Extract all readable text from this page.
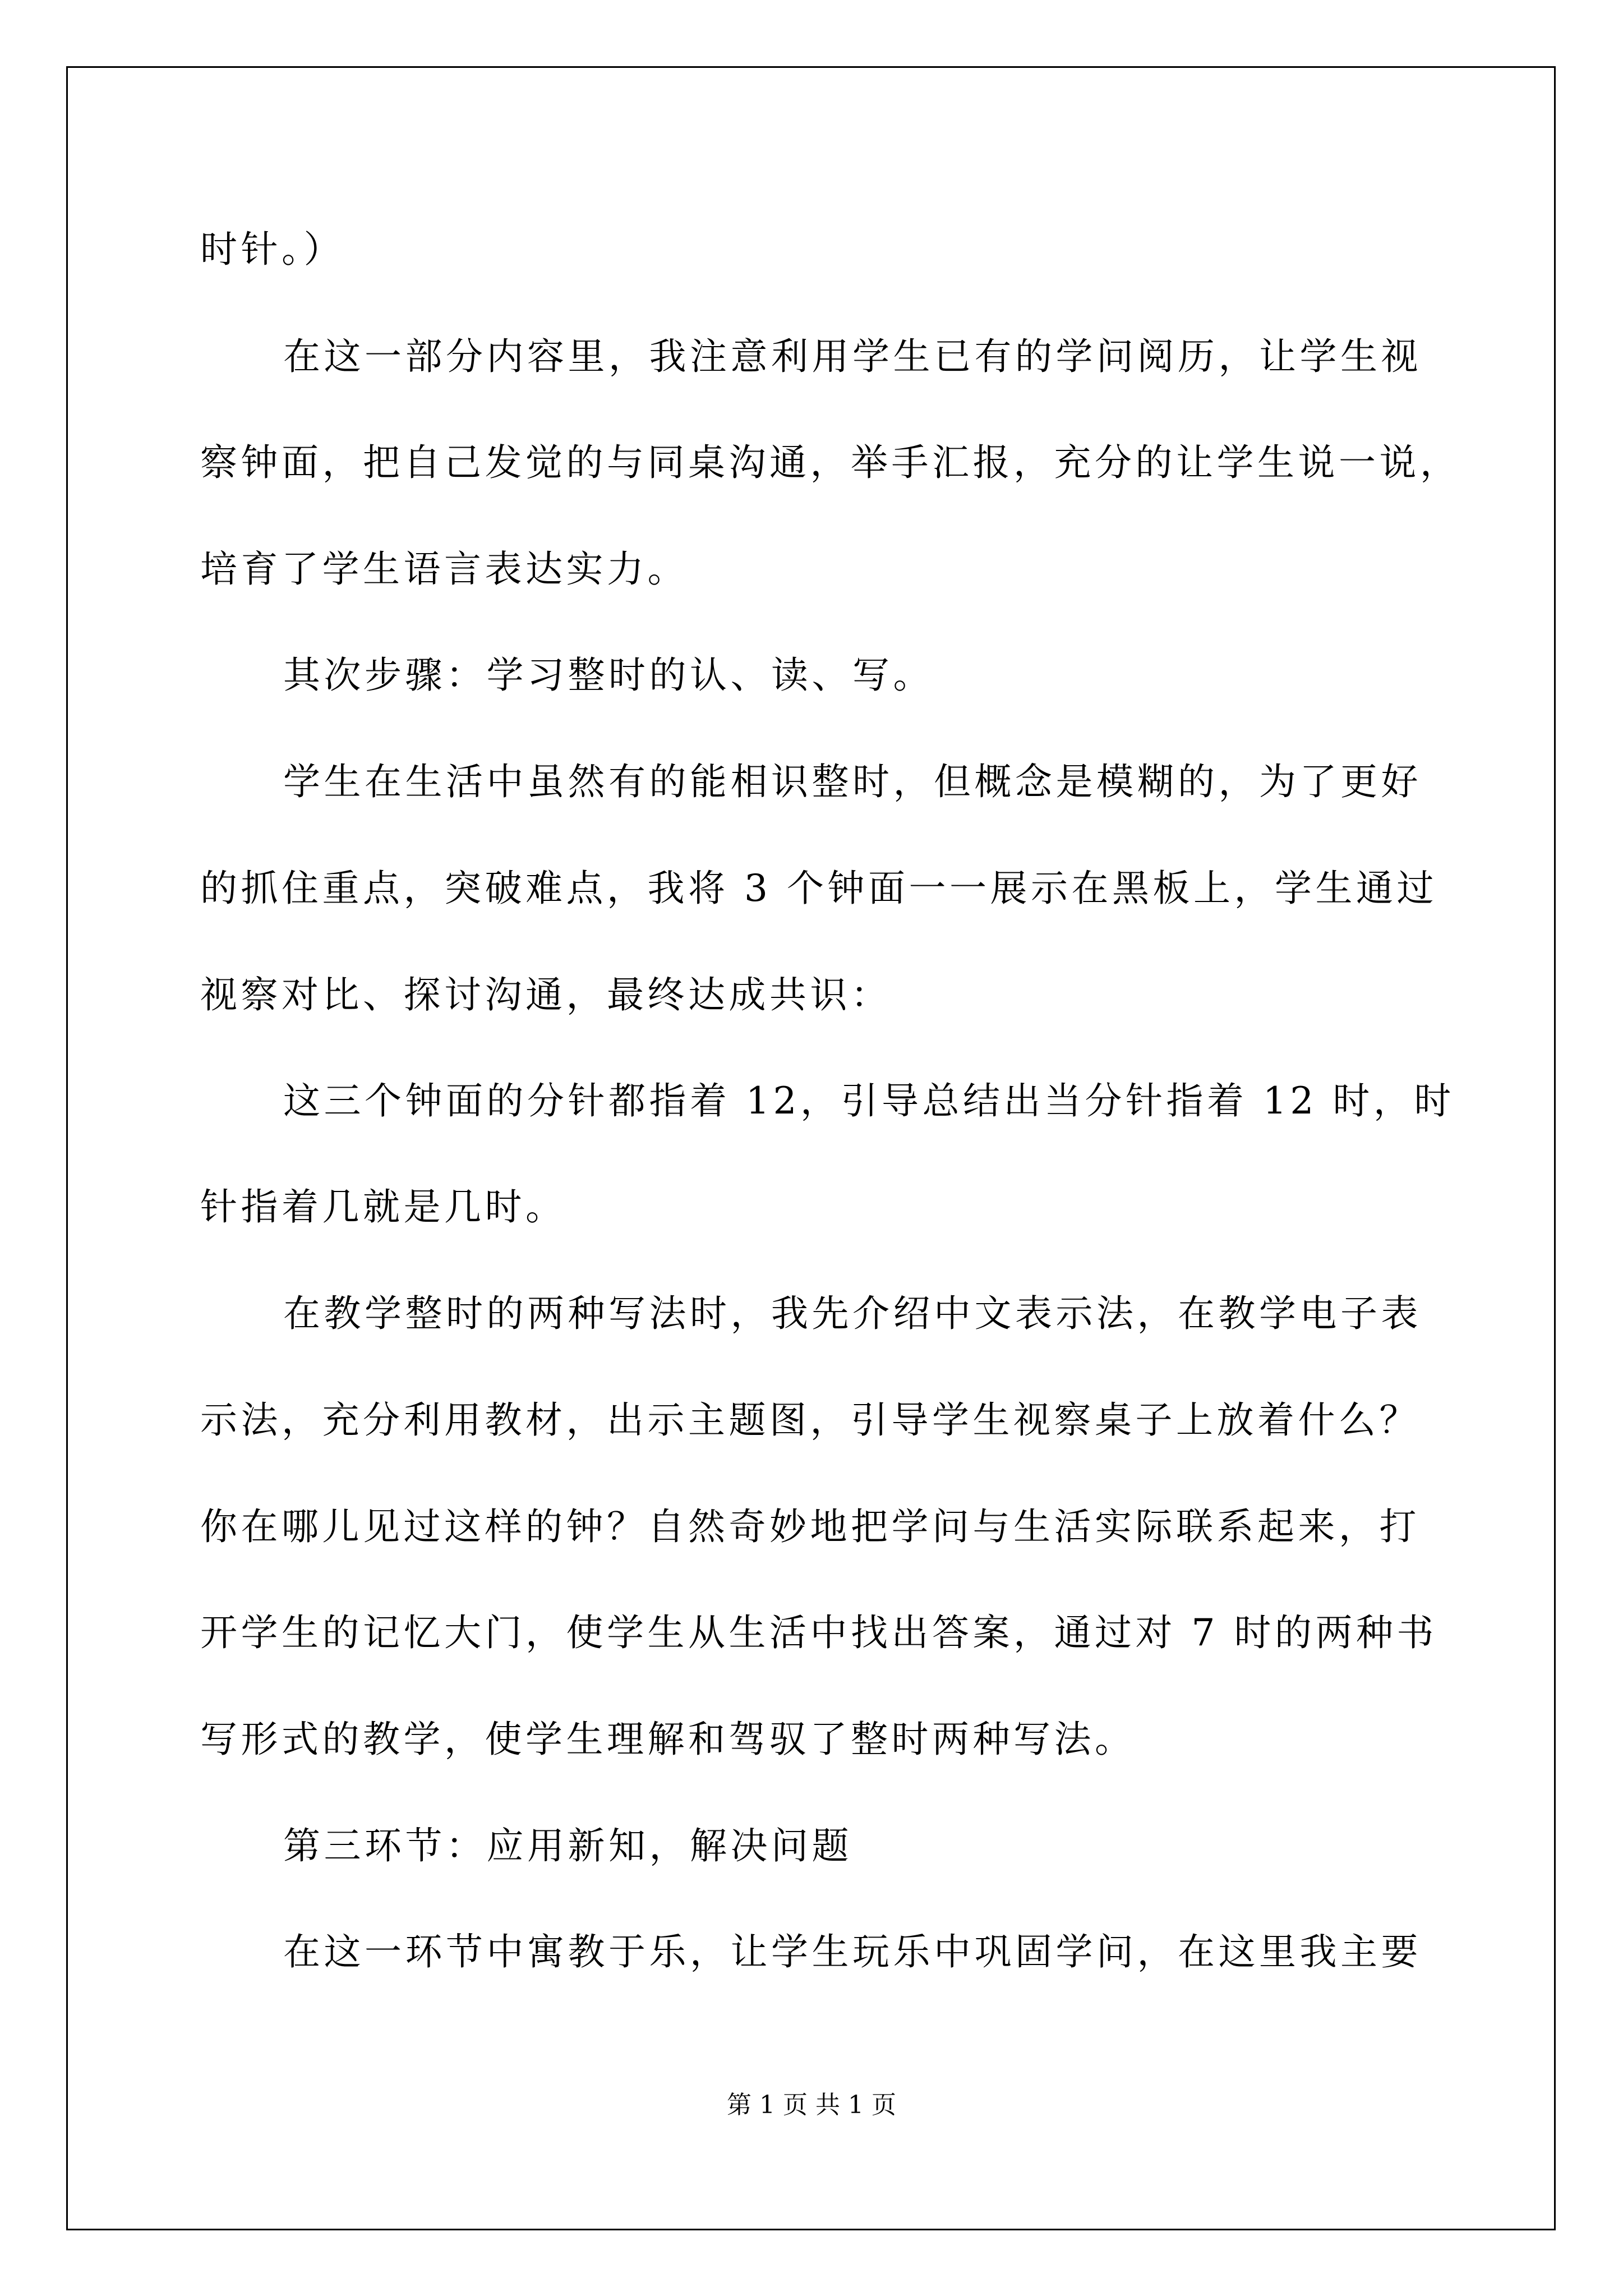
时针。）
在这一部分内容里，我注意利用学生已有的学问阅历，让学生视
察钟面，把自己发觉的与同桌沟通，举手汇报，充分的让学生说一说，
培育了学生语言表达实力。
其次步骤：学习整时的认、读、写。
学生在生活中虽然有的能相识整时，但概念是模糊的，为了更好
的抓住重点，突破难点，我将 3 个钟面一一展示在黑板上，学生通过
视察对比、探讨沟通，最终达成共识：
这三个钟面的分针都指着 12，引导总结出当分针指着 12 时，时
针指着几就是几时。
在教学整时的两种写法时，我先介绍中文表示法，在教学电子表
示法，充分利用教材，出示主题图，引导学生视察桌子上放着什么？
你在哪儿见过这样的钟？自然奇妙地把学问与生活实际联系起来，打
开学生的记忆大门，使学生从生活中找出答案，通过对 7 时的两种书
写形式的教学，使学生理解和驾驭了整时两种写法。
第三环节：应用新知，解决问题
在这一环节中寓教于乐，让学生玩乐中巩固学问，在这里我主要
第 1 页 共 1 页
